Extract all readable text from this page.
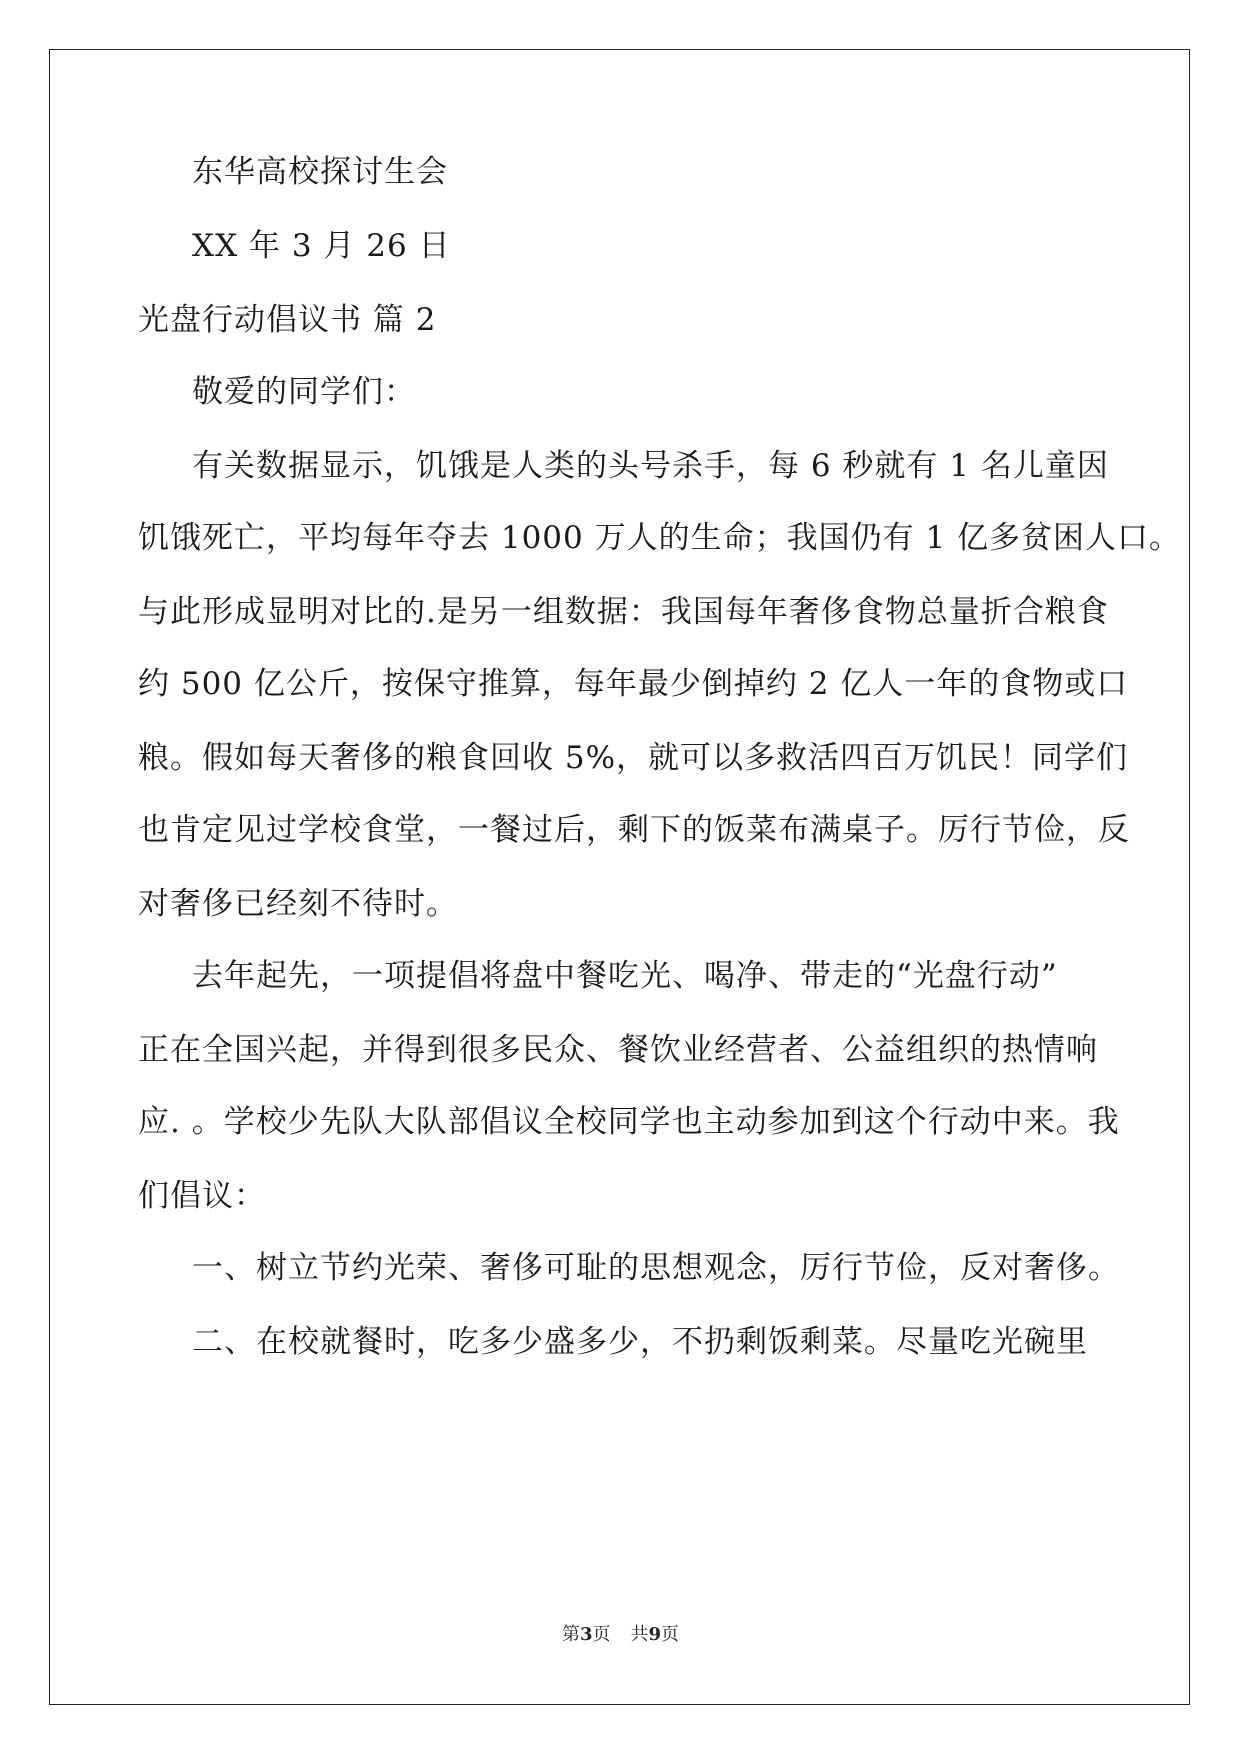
东华高校探讨生会
XX 年 3 月 26 日
光盘行动倡议书 篇 2
敬爱的同学们：
有关数据显示，饥饿是人类的头号杀手，每 6 秒就有 1 名儿童因
饥饿死亡，平均每年夺去 1000 万人的生命；我国仍有 1 亿多贫困人口。
与此形成显明对比的.是另一组数据：我国每年奢侈食物总量折合粮食
约 500 亿公斤，按保守推算，每年最少倒掉约 2 亿人一年的食物或口
粮。假如每天奢侈的粮食回收 5%，就可以多救活四百万饥民！同学们
也肯定见过学校食堂，一餐过后，剩下的饭菜布满桌子。厉行节俭，反
对奢侈已经刻不待时。
去年起先，一项提倡将盘中餐吃光、喝净、带走的“光盘行动”
正在全国兴起，并得到很多民众、餐饮业经营者、公益组织的热情响
应. 。学校少先队大队部倡议全校同学也主动参加到这个行动中来。我
们倡议：
一、树立节约光荣、奢侈可耻的思想观念，厉行节俭，反对奢侈。
二、在校就餐时，吃多少盛多少，不扔剩饭剩菜。尽量吃光碗里
第3页 共9页
